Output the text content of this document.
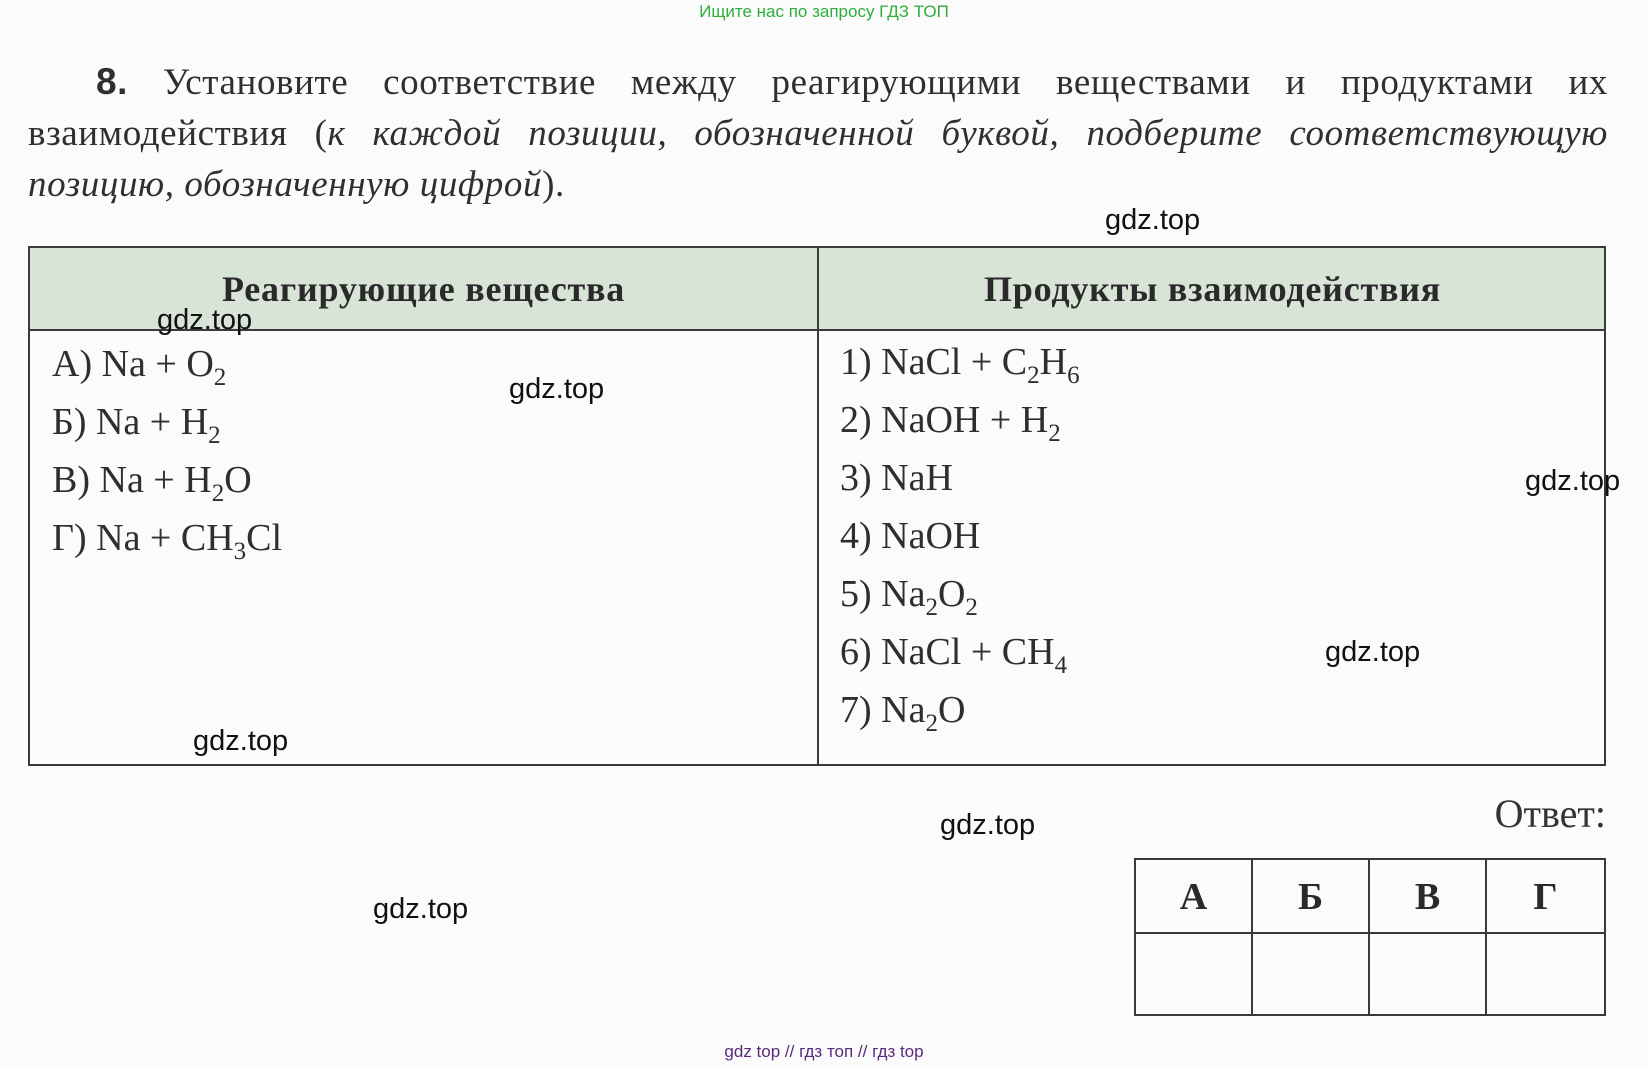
Ищите нас по запросу ГДЗ ТОП
8. Установите соответствие между реагирующими веществами и продуктами их взаимодействия (к каждой позиции, обозначенной буквой, подберите соответствующую позицию, обозначенную цифрой).
Реагирующие вещества	Продукты взаимодействия
А) $Na + O_2$
Б) $Na + H_2$
В) $Na + H_2O$
Г) $Na + CH_3Cl$
1) NaCl + $C_2H_6$
2) NaOH + $H_2$
3) NaH
4) NaOH
5) $Na_2O_2$
6) NaCl + $CH_4$
7) $Na_2O$
Ответ:
А	Б	В	Г
gdz.top
gdz.top
gdz.top
gdz.top
gdz.top
gdz.top
gdz.top
gdz.top
gdz top // гдз топ // гдз top
